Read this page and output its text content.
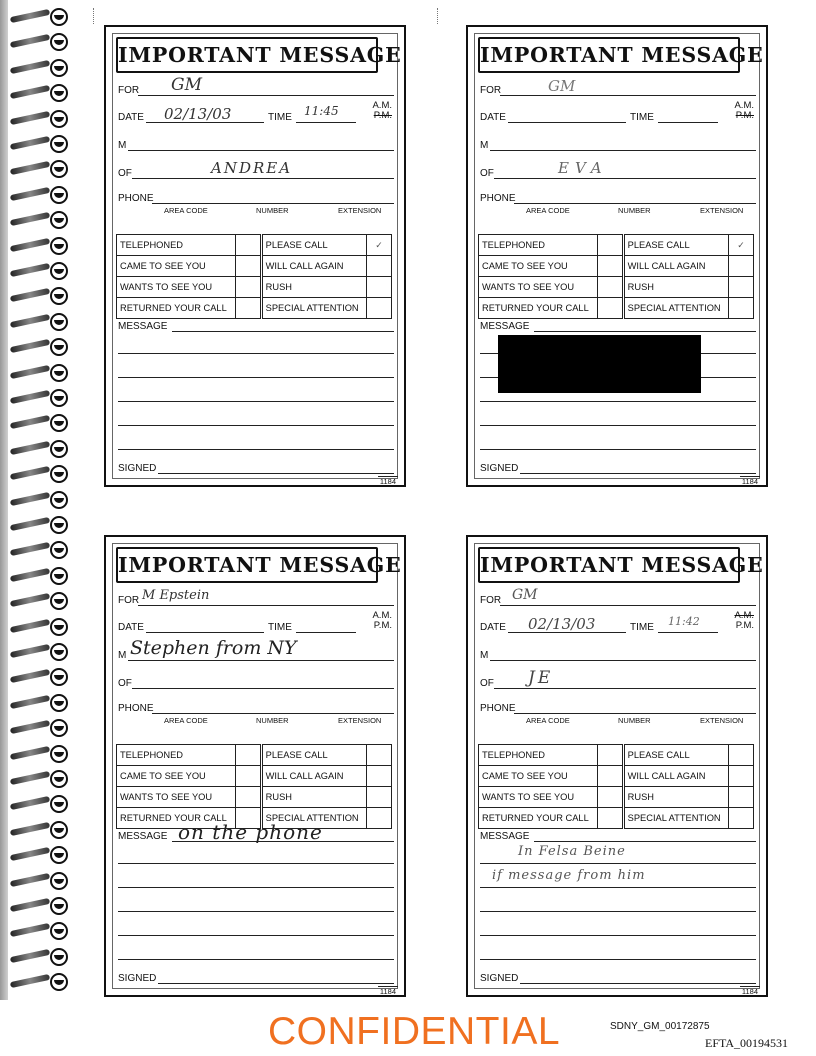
IMPORTANT MESSAGE
FOR GM
DATE 02/13/03	TIME 11:45	A.M.
P.M.
M
OF	ANDREA
PHONE
AREA CODE	NUMBER	EXTENSION
TELEPHONED		PLEASE CALL	✓
CAME TO SEE YOU		WILL CALL AGAIN	
WANTS TO SEE YOU		RUSH	
RETURNED YOUR CALL		SPECIAL ATTENTION	
MESSAGE
SIGNED
1184
IMPORTANT MESSAGE
FOR	GM
DATE	TIME
A.M.
P.M.
M
OF	EVA
PHONE
AREA CODE	NUMBER	EXTENSION
TELEPHONED		PLEASE CALL	✓
CAME TO SEE YOU		WILL CALL AGAIN	
WANTS TO SEE YOU		RUSH	
RETURNED YOUR CALL		SPECIAL ATTENTION	
MESSAGE
SIGNED
1184
IMPORTANT MESSAGE
FOR M Epstein
DATE	TIME
A.M.
P.M.
M Stephen from NY
OF
PHONE
AREA CODE	NUMBER	EXTENSION
TELEPHONED		PLEASE CALL	
CAME TO SEE YOU		WILL CALL AGAIN	
WANTS TO SEE YOU		RUSH	
RETURNED YOUR CALL		SPECIAL ATTENTION	
MESSAGE on the phone
SIGNED
1184
IMPORTANT MESSAGE
FOR GM
DATE 02/13/03	TIME 11:42	A.M.
P.M.
M
OF JE
PHONE
AREA CODE	NUMBER	EXTENSION
TELEPHONED		PLEASE CALL	
CAME TO SEE YOU		WILL CALL AGAIN	
WANTS TO SEE YOU		RUSH	
RETURNED YOUR CALL		SPECIAL ATTENTION	
MESSAGE
In Felsa Beine
if message from him
SIGNED
1184
CONFIDENTIAL	SDNY_GM_00172875
EFTA_00194531
